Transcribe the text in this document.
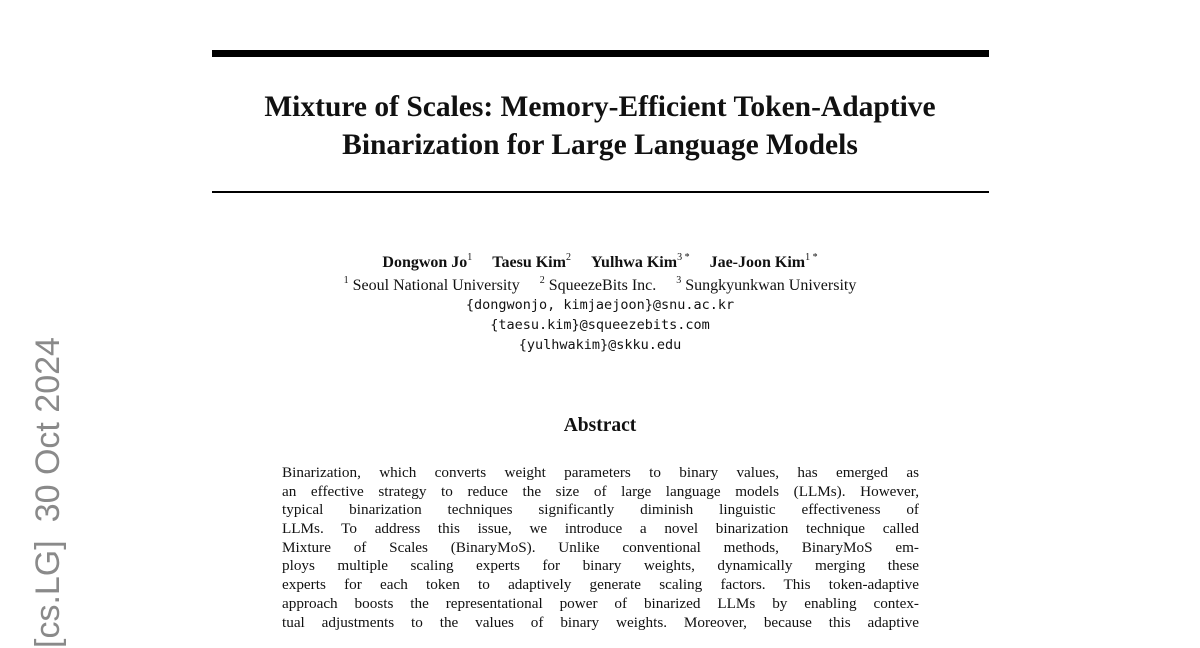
Mixture of Scales: Memory-Efficient Token-Adaptive
Binarization for Large Language Models
Dongwon Jo$^1$ Taesu Kim$^2$ Yulhwa Kim$^{3 *}$ Jae-Joon Kim$^{1 *}$
$^1$ Seoul National University $^2$ SqueezeBits Inc. $^3$ Sungkyunkwan University
{dongwonjo, kimjaejoon}@snu.ac.kr
{taesu.kim}@squeezebits.com
{yulhwakim}@skku.edu
Abstract
Binarization, which converts weight parameters to binary values, has emerged as
an effective strategy to reduce the size of large language models (LLMs). However,
typical binarization techniques significantly diminish linguistic effectiveness of
LLMs. To address this issue, we introduce a novel binarization technique called
Mixture of Scales (BinaryMoS). Unlike conventional methods, BinaryMoS em-
ploys multiple scaling experts for binary weights, dynamically merging these
experts for each token to adaptively generate scaling factors. This token-adaptive
approach boosts the representational power of binarized LLMs by enabling contex-
tual adjustments to the values of binary weights. Moreover, because this adaptive
[cs.LG]30 Oct 2024
